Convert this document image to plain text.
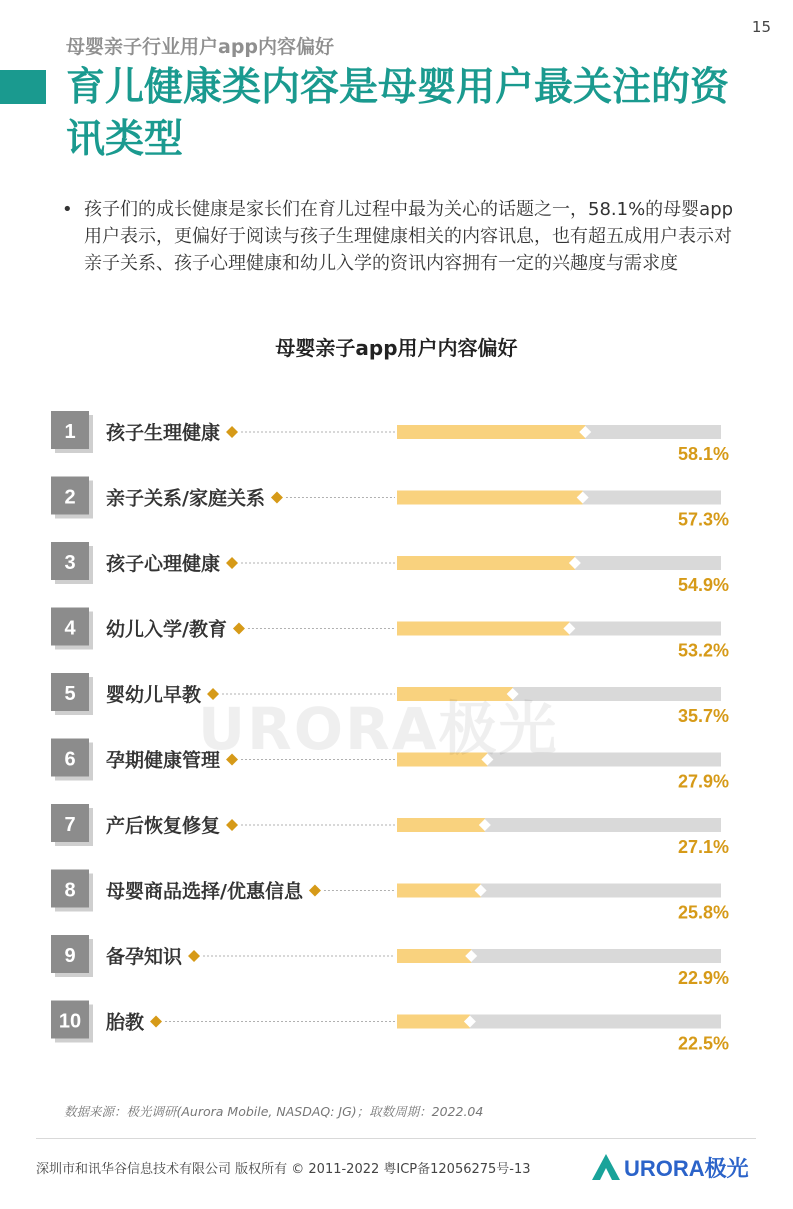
15
母婴亲子行业用户app内容偏好
育儿健康类内容是母婴用户最关注的资讯类型
• 孩子们的成长健康是家长们在育儿过程中最为关心的话题之一，58.1%的母婴app用户表示，更偏好于阅读与孩子生理健康相关的内容讯息，也有超五成用户表示对亲子关系、孩子心理健康和幼儿入学的资讯内容拥有一定的兴趣度与需求度
母婴亲子app用户内容偏好
1 孩子生理健康
58.1%
2 亲子关系/家庭关系
57.3%
3 孩子心理健康
54.9%
4 幼儿入学/教育
53.2%
5 婴幼儿早教
35.7%
6 孕期健康管理
27.9%
7 产后恢复修复
27.1%
8 母婴商品选择/优惠信息
25.8%
9 备孕知识
22.9%
10 胎教
22.5%
URORA极光
数据来源：极光调研(Aurora Mobile, NASDAQ: JG)；取数周期：2022.04
深圳市和讯华谷信息技术有限公司 版权所有 © 2011-2022 粤ICP备12056275号-13	URORA极光
